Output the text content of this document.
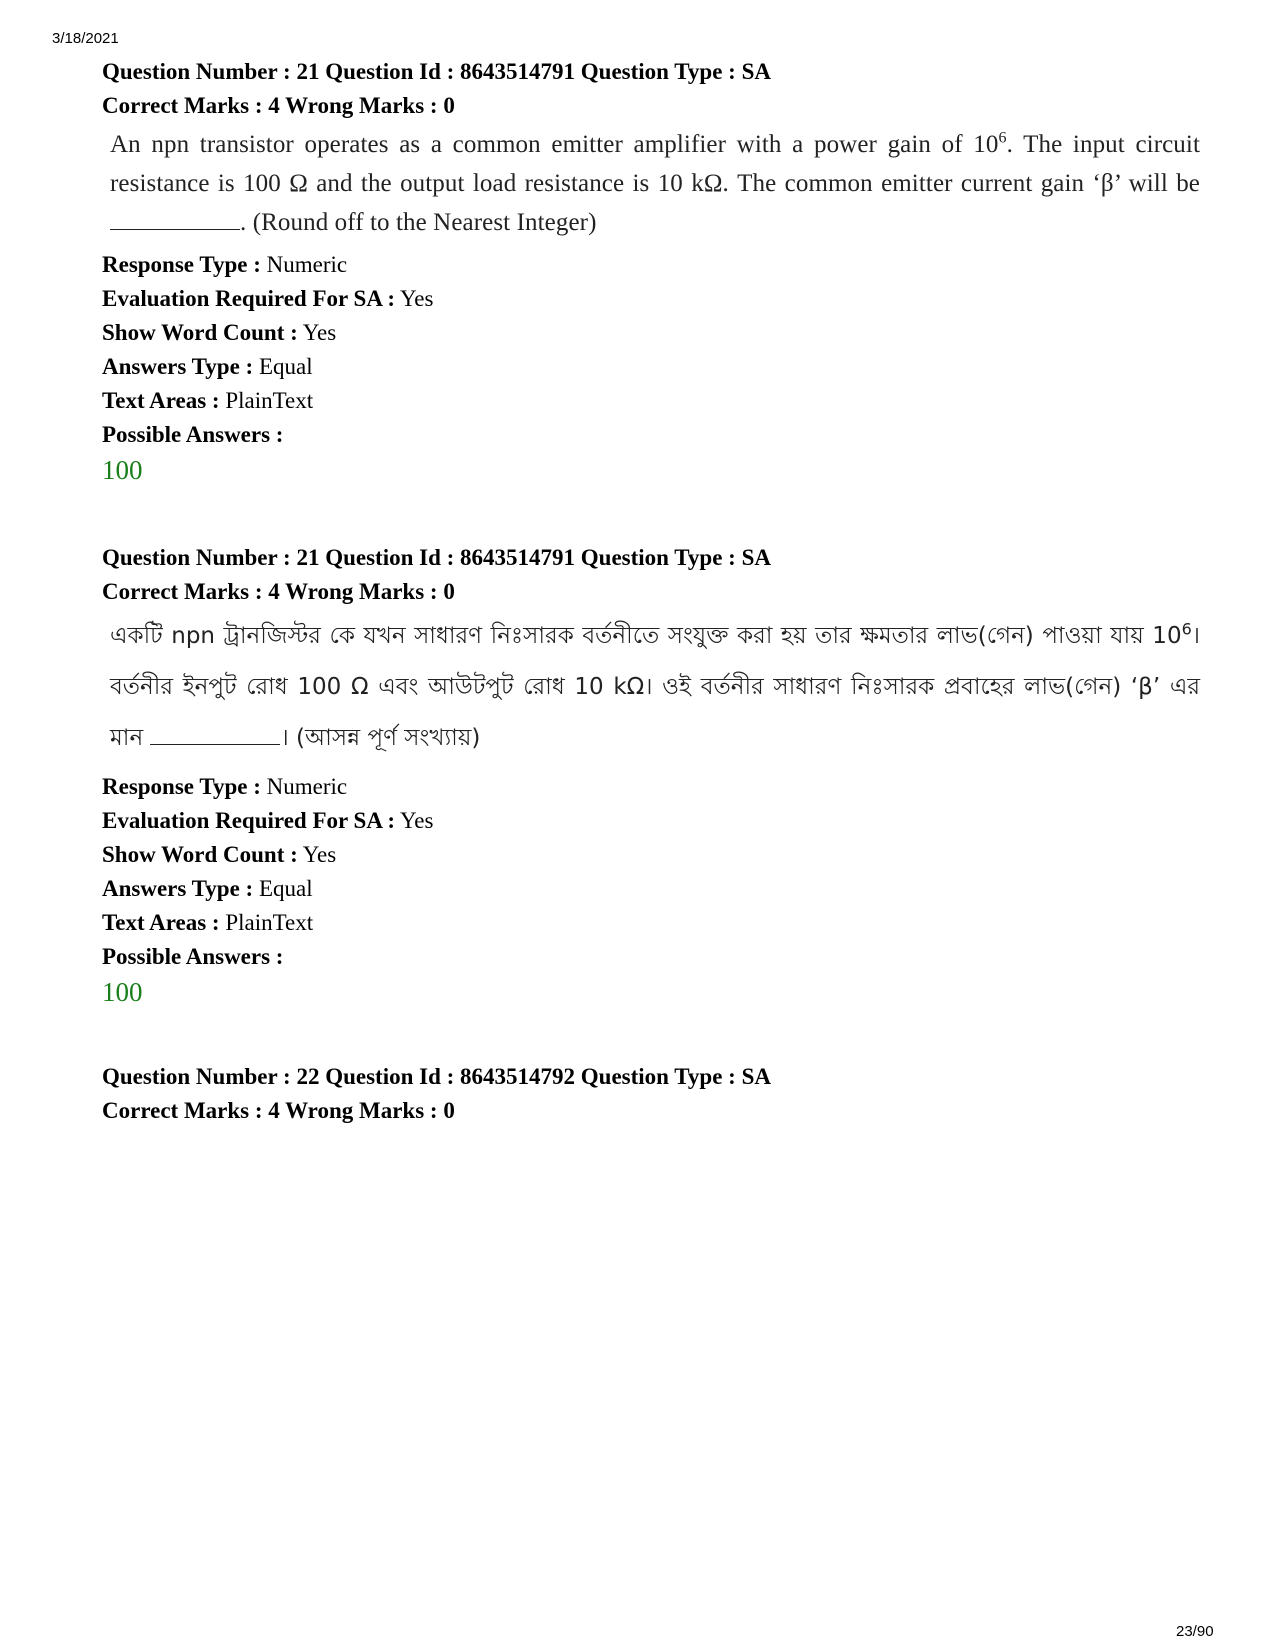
3/18/2021
Question Number : 21 Question Id : 8643514791 Question Type : SA
Correct Marks : 4 Wrong Marks : 0
An npn transistor operates as a common emitter amplifier with a power gain of $10^6$. The input circuit resistance is 100 Ω and the output load resistance is 10 kΩ. The common emitter current gain ‘β’ will be . (Round off to the Nearest Integer)
Response Type : Numeric
Evaluation Required For SA : Yes
Show Word Count : Yes
Answers Type : Equal
Text Areas : PlainText
Possible Answers :
100
Question Number : 21 Question Id : 8643514791 Question Type : SA
Correct Marks : 4 Wrong Marks : 0
একটি npn ট্রানজিস্টর কে যখন সাধারণ নিঃসারক বর্তনীতে সংযুক্ত করা হয় তার ক্ষমতার লাভ(গেন) পাওয়া যায় $10^6।$ বর্তনীর ইনপুট রোধ 100 Ω এবং আউটপুট রোধ 10 kΩ। ওই বর্তনীর সাধারণ নিঃসারক প্রবাহের লাভ(গেন) ‘β’ এর মান	। (আসন্ন পূর্ণ সংখ্যায়)
Response Type : Numeric
Evaluation Required For SA : Yes
Show Word Count : Yes
Answers Type : Equal
Text Areas : PlainText
Possible Answers :
100
Question Number : 22 Question Id : 8643514792 Question Type : SA
Correct Marks : 4 Wrong Marks : 0
23/90
